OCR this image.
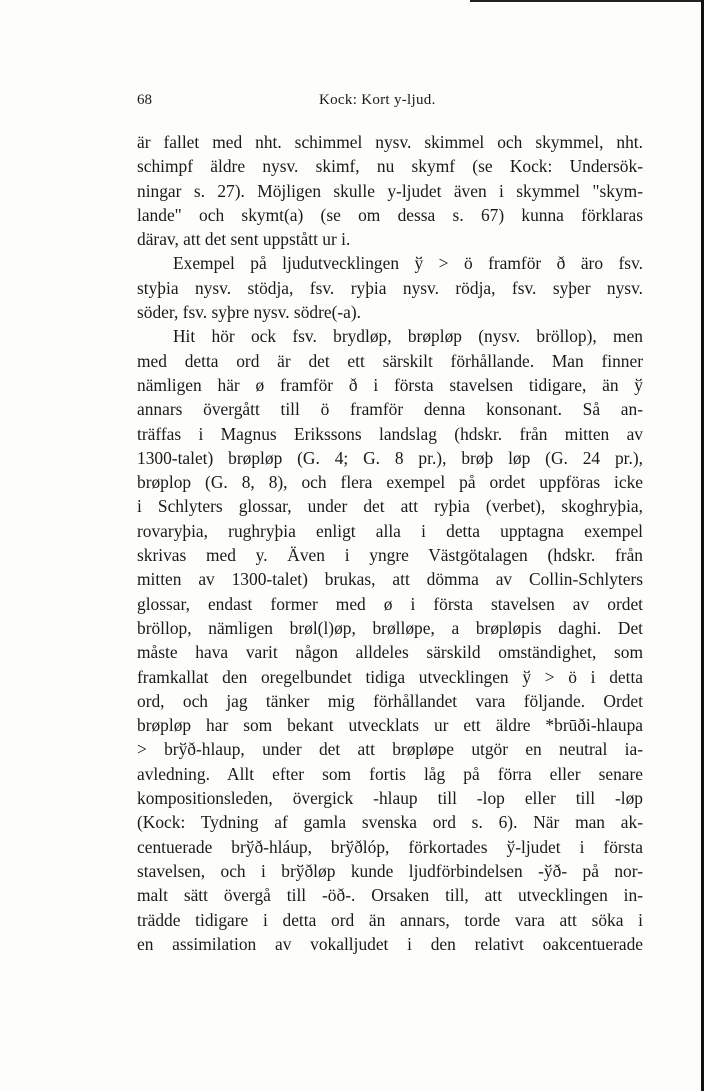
68	Kock: Kort y-ljud.
är fallet med nht. schimmel nysv. skimmel och skymmel, nht.
schimpf äldre nysv. skimf, nu skymf (se Kock: Undersök-
ningar s. 27). Möjligen skulle y-ljudet även i skymmel "skym-
lande" och skymt(a) (se om dessa s. 67) kunna förklaras
därav, att det sent uppstått ur i.
Exempel på ljudutvecklingen ў > ö framför ð äro fsv.
styþia nysv. stödja, fsv. ryþia nysv. rödja, fsv. syþer nysv.
söder, fsv. syþre nysv. södre(-a).
Hit hör ock fsv. brydløp, brøpløp (nysv. bröllop), men
med detta ord är det ett särskilt förhållande. Man finner
nämligen här ø framför ð i första stavelsen tidigare, än ў
annars övergått till ö framför denna konsonant. Så an-
träffas i Magnus Erikssons landslag (hdskr. från mitten av
1300-talet) brøpløp (G. 4; G. 8 pr.), brøþ løp (G. 24 pr.),
brøplop (G. 8, 8), och flera exempel på ordet uppföras icke
i Schlyters glossar, under det att ryþia (verbet), skoghryþia,
rovaryþia, rughryþia enligt alla i detta upptagna exempel
skrivas med y. Även i yngre Västgötalagen (hdskr. från
mitten av 1300-talet) brukas, att dömma av Collin-Schlyters
glossar, endast former med ø i första stavelsen av ordet
bröllop, nämligen brøl(l)øp, brølløpe, a brøpløpis daghi. Det
måste hava varit någon alldeles särskild omständighet, som
framkallat den oregelbundet tidiga utvecklingen ў > ö i detta
ord, och jag tänker mig förhållandet vara följande. Ordet
brøpløp har som bekant utvecklats ur ett äldre *brūði-hlaupa
> brўð-hlaup, under det att brøpløpe utgör en neutral ia-
avledning. Allt efter som fortis låg på förra eller senare
kompositionsleden, övergick -hlaup till -lop eller till -løp
(Kock: Tydning af gamla svenska ord s. 6). När man ak-
centuerade brўð-hláup, brўðlóp, förkortades ў-ljudet i första
stavelsen, och i brўðløp kunde ljudförbindelsen -ўð- på nor-
malt sätt övergå till -öð-. Orsaken till, att utvecklingen in-
trädde tidigare i detta ord än annars, torde vara att söka i
en assimilation av vokalljudet i den relativt oakcentuerade
